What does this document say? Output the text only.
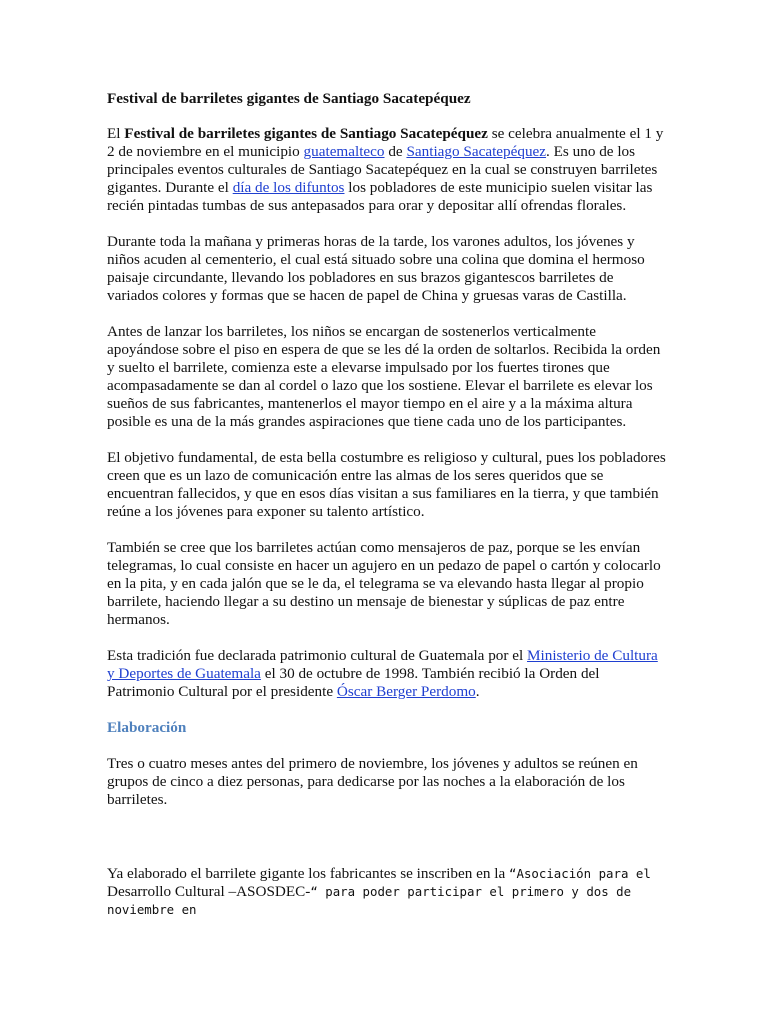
Festival de barriletes gigantes de Santiago Sacatepéquez

El Festival de barriletes gigantes de Santiago Sacatepéquez se celebra anualmente el 1 y 2 de noviembre en el municipio guatemalteco de Santiago Sacatepéquez. Es uno de los principales eventos culturales de Santiago Sacatepéquez en la cual se construyen barriletes gigantes. Durante el día de los difuntos los pobladores de este municipio suelen visitar las recién pintadas tumbas de sus antepasados para orar y depositar allí ofrendas florales.

Durante toda la mañana y primeras horas de la tarde, los varones adultos, los jóvenes y niños acuden al cementerio, el cual está situado sobre una colina que domina el hermoso paisaje circundante, llevando los pobladores en sus brazos gigantescos barriletes de variados colores y formas que se hacen de papel de China y gruesas varas de Castilla.

Antes de lanzar los barriletes, los niños se encargan de sostenerlos verticalmente apoyándose sobre el piso en espera de que se les dé la orden de soltarlos. Recibida la orden y suelto el barrilete, comienza este a elevarse impulsado por los fuertes tirones que acompasadamente se dan al cordel o lazo que los sostiene. Elevar el barrilete es elevar los sueños de sus fabricantes, mantenerlos el mayor tiempo en el aire y a la máxima altura posible es una de la más grandes aspiraciones que tiene cada uno de los participantes.

El objetivo fundamental, de esta bella costumbre es religioso y cultural, pues los pobladores creen que es un lazo de comunicación entre las almas de los seres queridos que se encuentran fallecidos, y que en esos días visitan a sus familiares en la tierra, y que también reúne a los jóvenes para exponer su talento artístico.

También se cree que los barriletes actúan como mensajeros de paz, porque se les envían telegramas, lo cual consiste en hacer un agujero en un pedazo de papel o cartón y colocarlo en la pita, y en cada jalón que se le da, el telegrama se va elevando hasta llegar al propio barrilete, haciendo llegar a su destino un mensaje de bienestar y súplicas de paz entre hermanos.

Esta tradición fue declarada patrimonio cultural de Guatemala por el Ministerio de Cultura y Deportes de Guatemala el 30 de octubre de 1998. También recibió la Orden del Patrimonio Cultural por el presidente Óscar Berger Perdomo.

Elaboración

Tres o cuatro meses antes del primero de noviembre, los jóvenes y adultos se reúnen en grupos de cinco a diez personas, para dedicarse por las noches a la elaboración de los barriletes.

Ya elaborado el barrilete gigante los fabricantes se inscriben en la “Asociación para el Desarrollo Cultural –ASOSDEC-“ para poder participar el primero y dos de noviembre en
